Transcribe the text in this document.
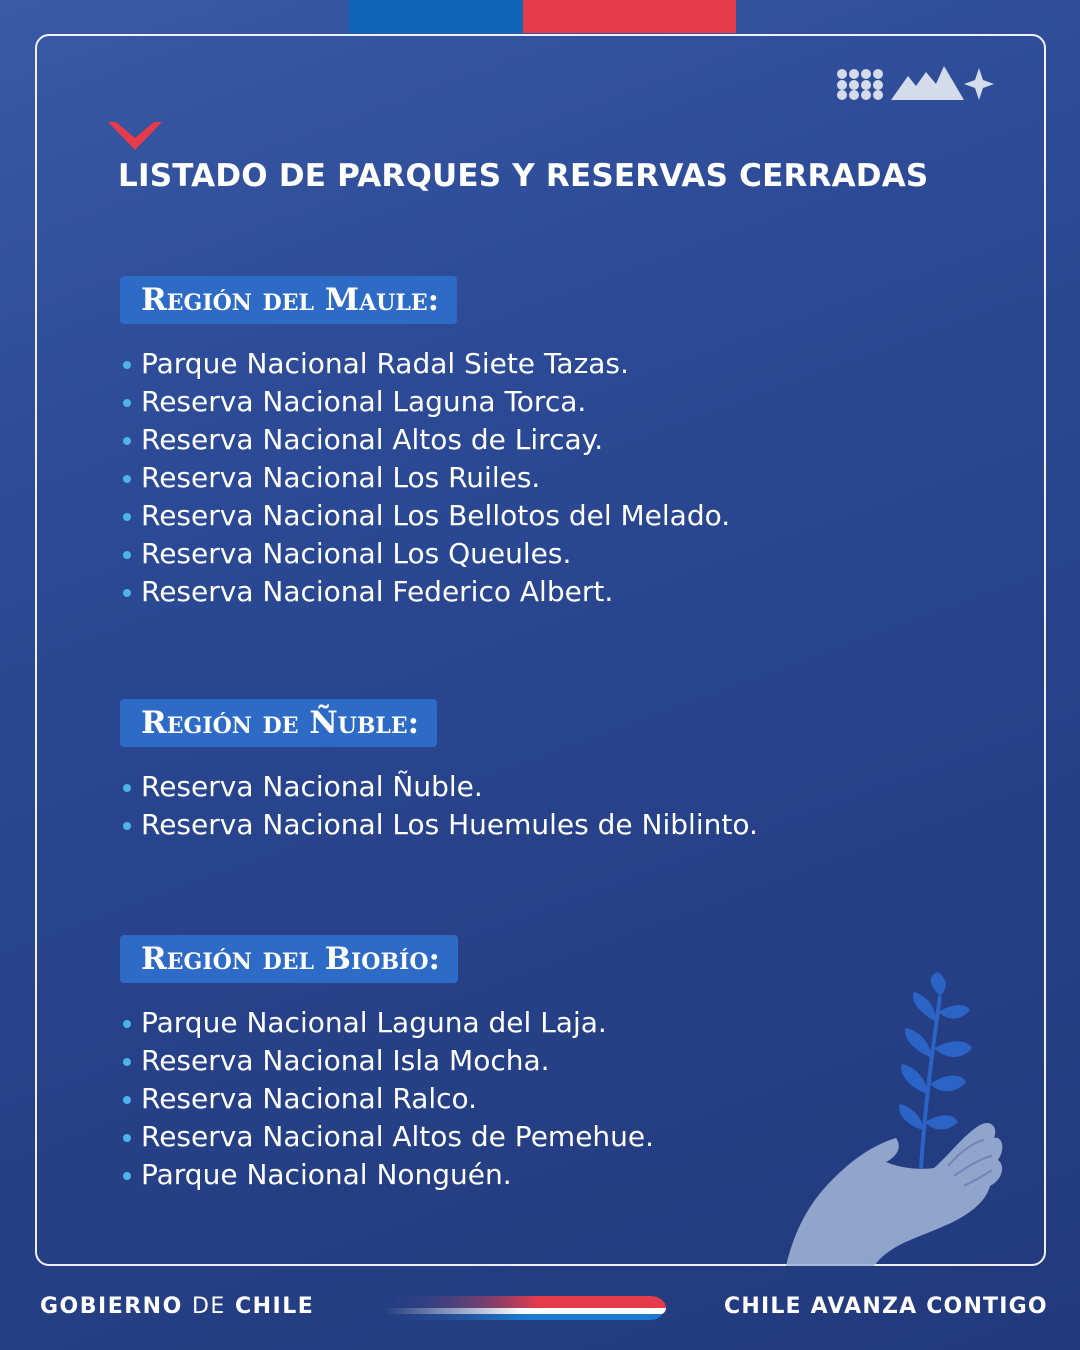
LISTADO DE PARQUES Y RESERVAS CERRADAS
Región del Maule:
Parque Nacional Radal Siete Tazas.
Reserva Nacional Laguna Torca.
Reserva Nacional Altos de Lircay.
Reserva Nacional Los Ruiles.
Reserva Nacional Los Bellotos del Melado.
Reserva Nacional Los Queules.
Reserva Nacional Federico Albert.
Región de Ñuble:
Reserva Nacional Ñuble.
Reserva Nacional Los Huemules de Niblinto.
Región del Biobío:
Parque Nacional Laguna del Laja.
Reserva Nacional Isla Mocha.
Reserva Nacional Ralco.
Reserva Nacional Altos de Pemehue.
Parque Nacional Nonguén.
GOBIERNO DE CHILE	CHILE AVANZA CONTIGO
